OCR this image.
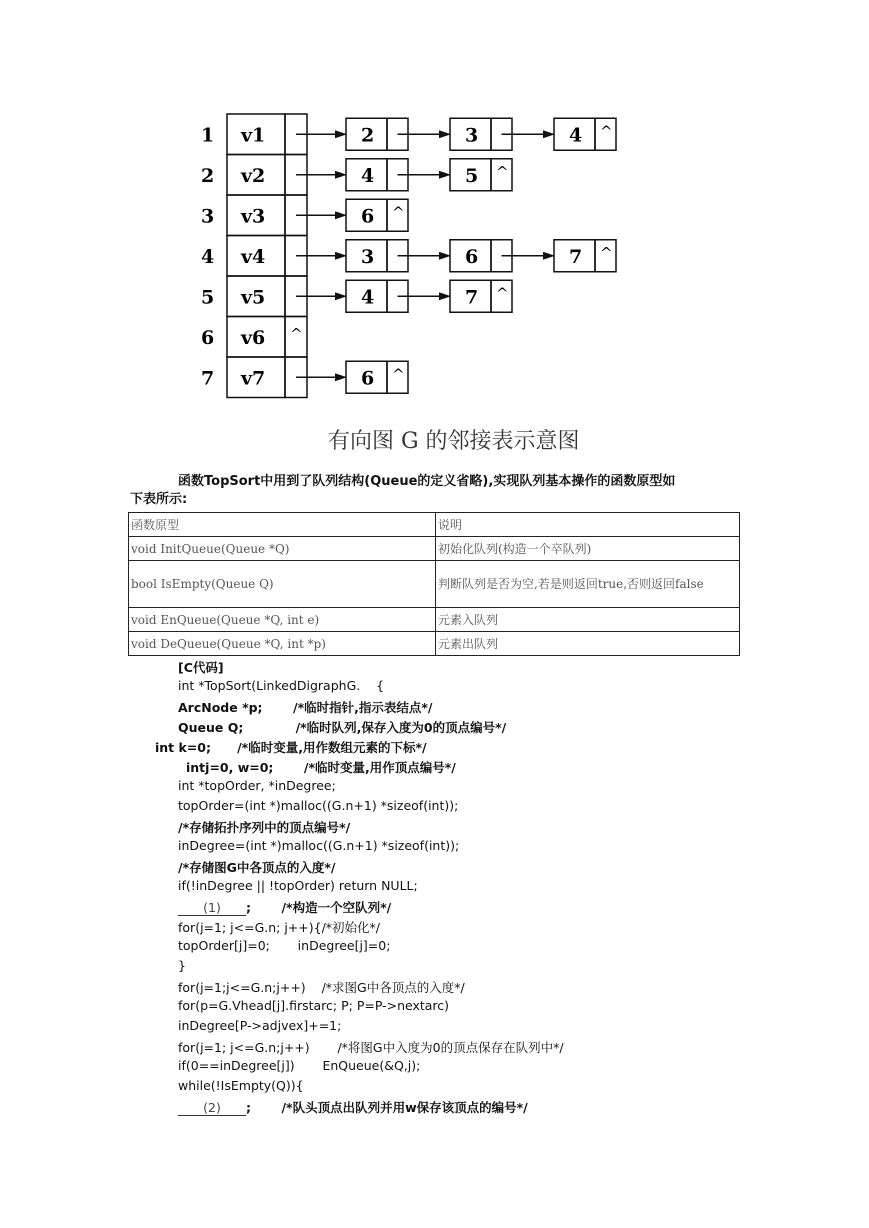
1 v1	2	3	4 ^
2 v2	4	5 ^
3 v3	6 ^
4 v4	3	6	7 ^
5 v5	4	7 ^
6 v6 ^
7 v7	6 ^
有向图 G 的邻接表示意图
函数TopSort中用到了队列结构(Queue的定义省略),实现队列基本操作的函数原型如
下表所示:
函数原型	说明
void InitQueue(Queue *Q)	初始化队列(构造一个卒队列)
bool IsEmpty(Queue Q)	判断队列是否为空,若是则返回true,否则返回false
void EnQueue(Queue *Q, int e)	元素入队列
void DeQueue(Queue *Q, int *p)	元素出队列
[C代码]
int *TopSort(LinkedDigraphG.    {
ArcNode *p;       /*临时指针,指示表结点*/
Queue Q;            /*临时队列,保存入度为0的顶点编号*/
int k=0;      /*临时变量,用作数组元素的下标*/
intj=0, w=0;       /*临时变量,用作顶点编号*/
int *topOrder, *inDegree;
topOrder=(int *)malloc((G.n+1) *sizeof(int));
/*存储拓扑序列中的顶点编号*/
inDegree=(int *)malloc((G.n+1) *sizeof(int));
/*存储图G中各顶点的入度*/
if(!inDegree || !topOrder) return NULL;
(1) ;       /*构造一个空队列*/
for(j=1; j<=G.n; j++){/*初始化*/
topOrder[j]=0;       inDegree[j]=0;
}
for(j=1;j<=G.n;j++)    /*求图G中各顶点的入度*/
for(p=G.Vhead[j].firstarc; P; P=P->nextarc)
inDegree[P->adjvex]+=1;
for(j=1; j<=G.n;j++)       /*将图G中入度为0的顶点保存在队列中*/
if(0==inDegree[j])       EnQueue(&Q,j);
while(!IsEmpty(Q)){
(2) ;       /*队头顶点出队列并用w保存该顶点的编号*/
